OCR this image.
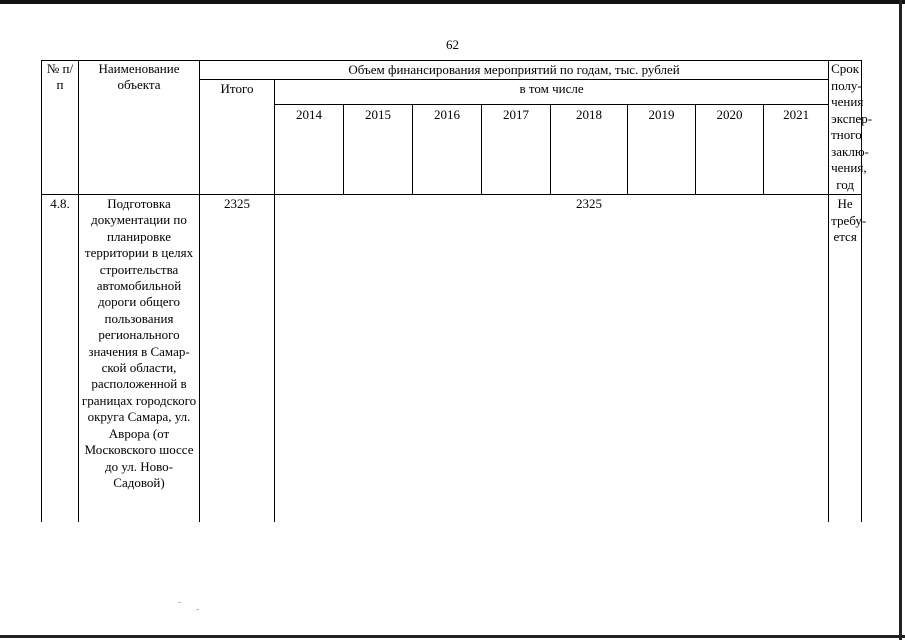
62
№ п/п	Наименование объекта	Объем финансирования мероприятий по годам, тыс. рублей									Срок полу- чения экспер- тного заклю- чения, год
		Итого	в том числе								
			2014	2015	2016	2017	2018	2019	2020	2021	
4.8.	Подготовка документации по планировке территории в целях строительства автомобильной дороги общего пользования регионального значения в Самар- ской области, расположенной в границах городского округа Самара, ул. Аврора (от Московского шоссе до ул. Ново-Садовой)	2325					2325				Не требу- ется
